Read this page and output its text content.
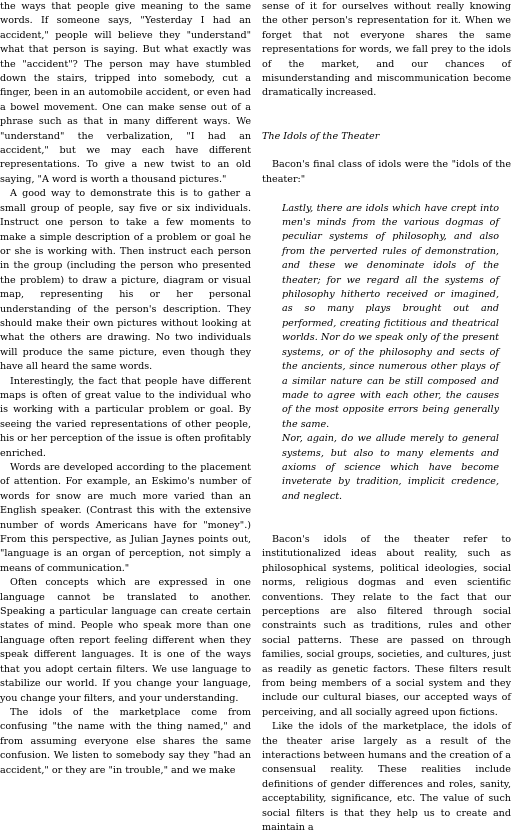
the ways that people give meaning to the same words. If someone says, "Yesterday I had an accident," people will believe they "understand" what that person is saying. But what exactly was the "accident"? The person may have stumbled down the stairs, tripped into somebody, cut a finger, been in an automobile accident, or even had a bowel movement. One can make sense out of a phrase such as that in many different ways. We "understand" the verbalization, "I had an accident," but we may each have different representations. To give a new twist to an old saying, "A word is worth a thousand pictures."

A good way to demonstrate this is to gather a small group of people, say five or six individuals. Instruct one person to take a few moments to make a simple description of a problem or goal he or she is working with. Then instruct each person in the group (including the person who presented the problem) to draw a picture, diagram or visual map, representing his or her personal understanding of the person's description. They should make their own pictures without looking at what the others are drawing. No two individuals will produce the same picture, even though they have all heard the same words.

Interestingly, the fact that people have different maps is often of great value to the individual who is working with a particular problem or goal. By seeing the varied representations of other people, his or her perception of the issue is often profitably enriched.

Words are developed according to the placement of attention. For example, an Eskimo's number of words for snow are much more varied than an English speaker. (Contrast this with the extensive number of words Americans have for "money".) From this perspective, as Julian Jaynes points out, "language is an organ of perception, not simply a means of communication."

Often concepts which are expressed in one language cannot be translated to another. Speaking a particular language can create certain states of mind. People who speak more than one language often report feeling different when they speak different languages. It is one of the ways that you adopt certain filters. We use language to stabilize our world. If you change your language, you change your filters, and your understanding.

The idols of the marketplace come from confusing "the name with the thing named," and from assuming everyone else shares the same confusion. We listen to somebody say they "had an accident," or they are "in trouble," and we make

sense of it for ourselves without really knowing the other person's representation for it. When we forget that not everyone shares the same representations for words, we fall prey to the idols of the market, and our chances of misunderstanding and miscommunication become dramatically increased.

The Idols of the Theater

Bacon's final class of idols were the "idols of the theater:"

Lastly, there are idols which have crept into men's minds from the various dogmas of peculiar systems of philosophy, and also from the perverted rules of demonstration, and these we denominate idols of the theater; for we regard all the systems of philosophy hitherto received or imagined, as so many plays brought out and performed, creating fictitious and theatrical worlds. Nor do we speak only of the present systems, or of the philosophy and sects of the ancients, since numerous other plays of a similar nature can be still composed and made to agree with each other, the causes of the most opposite errors being generally the same.

Nor, again, do we allude merely to general systems, but also to many elements and axioms of science which have become inveterate by tradition, implicit credence, and neglect.

Bacon's idols of the theater refer to institutionalized ideas about reality, such as philosophical systems, political ideologies, social norms, religious dogmas and even scientific conventions. They relate to the fact that our perceptions are also filtered through social constraints such as traditions, rules and other social patterns. These are passed on through families, social groups, societies, and cultures, just as readily as genetic factors. These filters result from being members of a social system and they include our cultural biases, our accepted ways of perceiving, and all socially agreed upon fictions.

Like the idols of the marketplace, the idols of the theater arise largely as a result of the interactions between humans and the creation of a consensual reality. These realities include definitions of gender differences and roles, sanity, acceptability, significance, etc. The value of such social filters is that they help us to create and maintain a
